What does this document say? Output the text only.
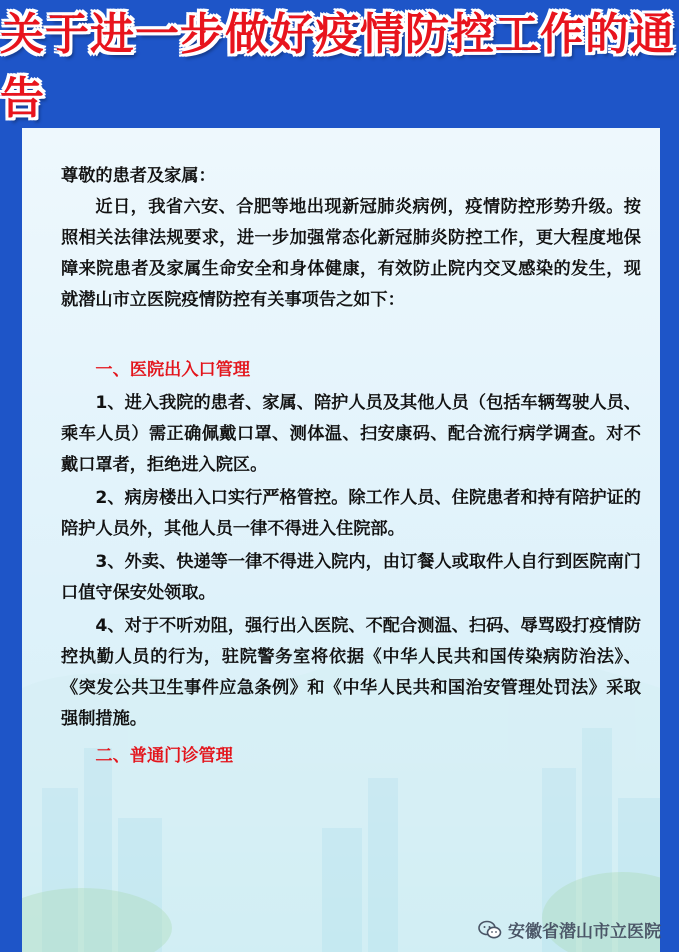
关于进一步做好疫情防控工作的通告

尊敬的患者及家属：

近日，我省六安、合肥等地出现新冠肺炎病例，疫情防控形势升级。按照相关法律法规要求，进一步加强常态化新冠肺炎防控工作，更大程度地保障来院患者及家属生命安全和身体健康，有效防止院内交叉感染的发生，现就潜山市立医院疫情防控有关事项告之如下：

一、医院出入口管理

1、进入我院的患者、家属、陪护人员及其他人员（包括车辆驾驶人员、乘车人员）需正确佩戴口罩、测体温、扫安康码、配合流行病学调查。对不戴口罩者，拒绝进入院区。

2、病房楼出入口实行严格管控。除工作人员、住院患者和持有陪护证的陪护人员外，其他人员一律不得进入住院部。

3、外卖、快递等一律不得进入院内，由订餐人或取件人自行到医院南门口值守保安处领取。

4、对于不听劝阻，强行出入医院、不配合测温、扫码、辱骂殴打疫情防控执勤人员的行为，驻院警务室将依据《中华人民共和国传染病防治法》、《突发公共卫生事件应急条例》和《中华人民共和国治安管理处罚法》采取强制措施。

二、普通门诊管理

安徽省潜山市立医院
